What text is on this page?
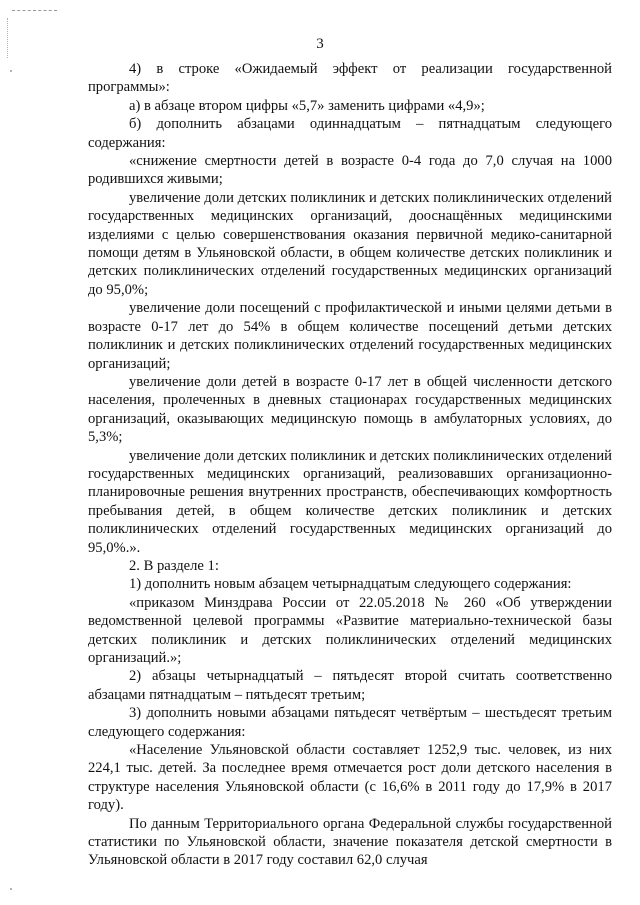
3

4) в строке «Ожидаемый эффект от реализации государственной программы»:

а) в абзаце втором цифры «5,7» заменить цифрами «4,9»;

б) дополнить абзацами одиннадцатым – пятнадцатым следующего содержания:

«снижение смертности детей в возрасте 0-4 года до 7,0 случая на 1000 родившихся живыми;

увеличение доли детских поликлиник и детских поликлинических отделений государственных медицинских организаций, дооснащённых медицинскими изделиями с целью совершенствования оказания первичной медико-санитарной помощи детям в Ульяновской области, в общем количестве детских поликлиник и детских поликлинических отделений государственных медицинских организаций до 95,0%;

увеличение доли посещений с профилактической и иными целями детьми в возрасте 0-17 лет до 54% в общем количестве посещений детьми детских поликлиник и детских поликлинических отделений государственных медицинских организаций;

увеличение доли детей в возрасте 0-17 лет в общей численности детского населения, пролеченных в дневных стационарах государственных медицинских организаций, оказывающих медицинскую помощь в амбулаторных условиях, до 5,3%;

увеличение доли детских поликлиник и детских поликлинических отделений государственных медицинских организаций, реализовавших организационно-планировочные решения внутренних пространств, обеспечивающих комфортность пребывания детей, в общем количестве детских поликлиник и детских поликлинических отделений государственных медицинских организаций до 95,0%.».

2. В разделе 1:

1) дополнить новым абзацем четырнадцатым следующего содержания:

«приказом Минздрава России от 22.05.2018 № 260 «Об утверждении ведомственной целевой программы «Развитие материально-технической базы детских поликлиник и детских поликлинических отделений медицинских организаций.»;

2) абзацы четырнадцатый – пятьдесят второй считать соответственно абзацами пятнадцатым – пятьдесят третьим;

3) дополнить новыми абзацами пятьдесят четвёртым – шестьдесят третьим следующего содержания:

«Население Ульяновской области составляет 1252,9 тыс. человек, из них 224,1 тыс. детей. За последнее время отмечается рост доли детского населения в структуре населения Ульяновской области (с 16,6% в 2011 году до 17,9% в 2017 году).

По данным Территориального органа Федеральной службы государственной статистики по Ульяновской области, значение показателя детской смертности в Ульяновской области в 2017 году составил 62,0 случая
